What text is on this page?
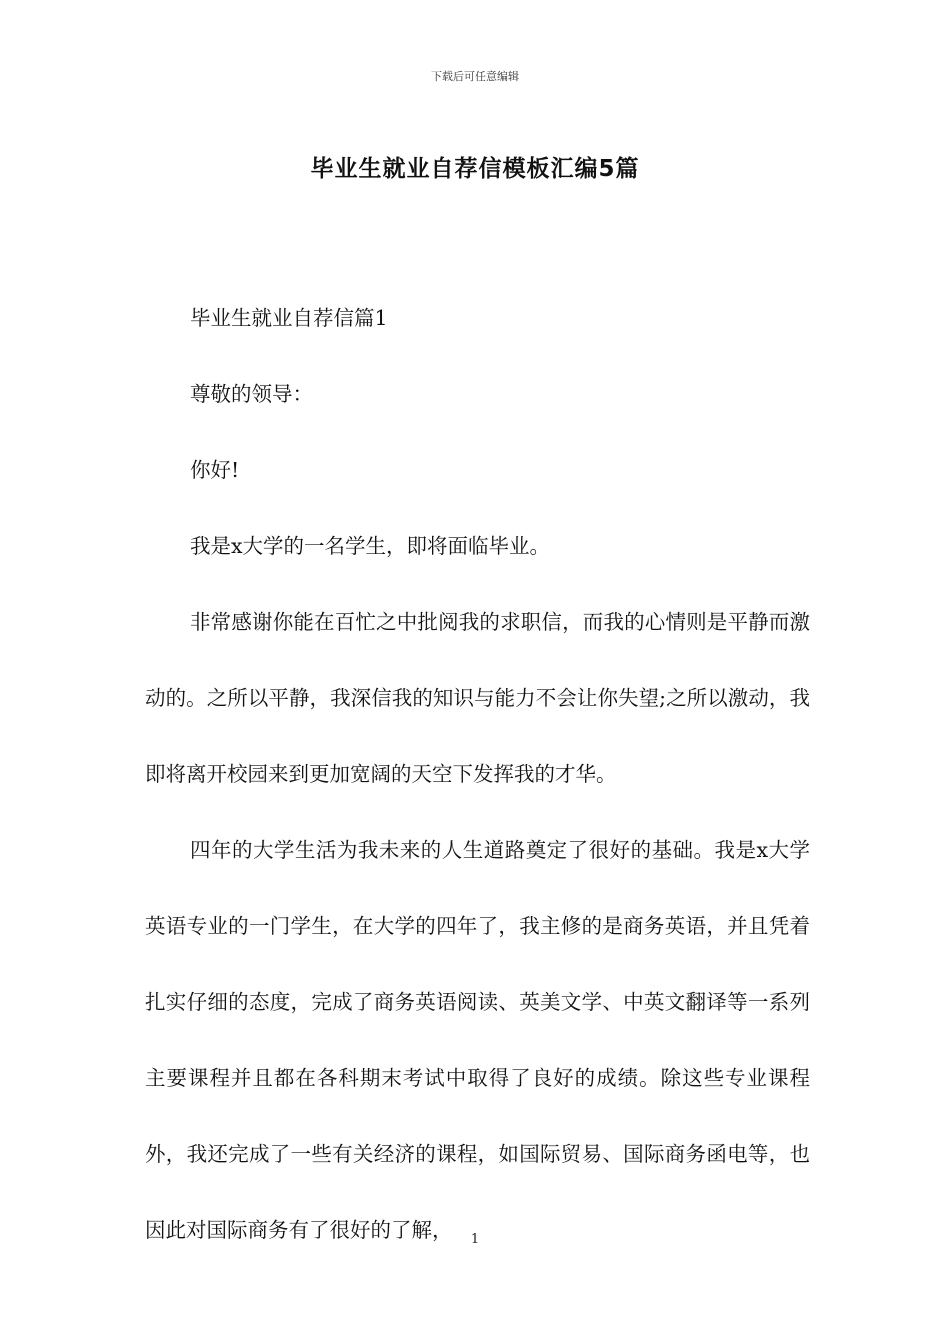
下载后可任意编辑
毕业生就业自荐信模板汇编5篇

毕业生就业自荐信篇1

尊敬的领导：

你好!

我是x大学的一名学生，即将面临毕业。

非常感谢你能在百忙之中批阅我的求职信，而我的心情则是平静而激动的。之所以平静，我深信我的知识与能力不会让你失望;之所以激动，我即将离开校园来到更加宽阔的天空下发挥我的才华。

四年的大学生活为我未来的人生道路奠定了很好的基础。我是x大学英语专业的一门学生，在大学的四年了，我主修的是商务英语，并且凭着扎实仔细的态度，完成了商务英语阅读、英美文学、中英文翻译等一系列主要课程并且都在各科期末考试中取得了良好的成绩。除这些专业课程外，我还完成了一些有关经济的课程，如国际贸易、国际商务函电等，也因此对国际商务有了很好的了解，	1
